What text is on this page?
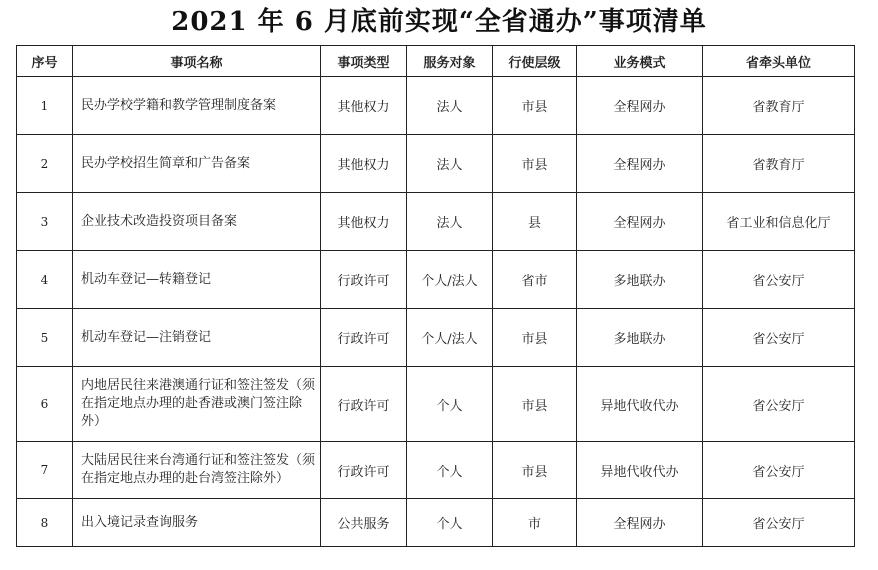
2021 年 6 月底前实现“全省通办”事项清单
序号	事项名称	事项类型	服务对象	行使层级	业务模式	省牵头单位
1	民办学校学籍和教学管理制度备案	其他权力	法人	市县	全程网办	省教育厅
2	民办学校招生简章和广告备案	其他权力	法人	市县	全程网办	省教育厅
3	企业技术改造投资项目备案	其他权力	法人	县	全程网办	省工业和信息化厅
4	机动车登记—转籍登记	行政许可	个人/法人	省市	多地联办	省公安厅
5	机动车登记—注销登记	行政许可	个人/法人	市县	多地联办	省公安厅
6	内地居民往来港澳通行证和签注签发（须在指定地点办理的赴香港或澳门签注除外）	行政许可	个人	市县	异地代收代办	省公安厅
7	大陆居民往来台湾通行证和签注签发（须在指定地点办理的赴台湾签注除外）	行政许可	个人	市县	异地代收代办	省公安厅
8	出入境记录查询服务	公共服务	个人	市	全程网办	省公安厅
